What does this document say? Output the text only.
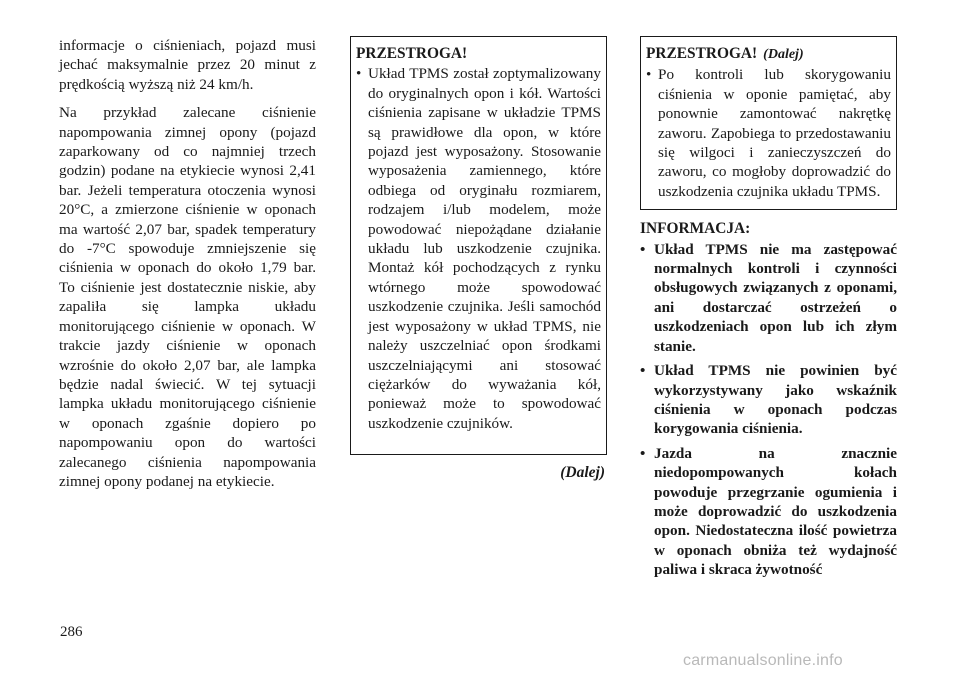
informacje o ciśnieniach, pojazd musi jechać maksymalnie przez 20 minut z prędkością wyższą niż 24 km/h.

Na przykład zalecane ciśnienie napompowania zimnej opony (pojazd zaparkowany od co najmniej trzech godzin) podane na etykiecie wynosi 2,41 bar. Jeżeli temperatura otoczenia wynosi 20°C, a zmierzone ciśnienie w oponach ma wartość 2,07 bar, spadek temperatury do -7°C spowoduje zmniejszenie się ciśnienia w oponach do około 1,79 bar. To ciśnienie jest dostatecznie niskie, aby zapaliła się lampka układu monitorującego ciśnienie w oponach. W trakcie jazdy ciśnienie w oponach wzrośnie do około 2,07 bar, ale lampka będzie nadal świecić. W tej sytuacji lampka układu monitorującego ciśnienie w oponach zgaśnie dopiero po napompowaniu opon do wartości zalecanego ciśnienia napompowania zimnej opony podanej na etykiecie.

PRZESTROGA!
• Układ TPMS został zoptymalizowany do oryginalnych opon i kół. Wartości ciśnienia zapisane w układzie TPMS są prawidłowe dla opon, w które pojazd jest wyposażony. Stosowanie wyposażenia zamiennego, które odbiega od oryginału rozmiarem, rodzajem i/lub modelem, może powodować niepożądane działanie układu lub uszkodzenie czujnika. Montaż kół pochodzących z rynku wtórnego może spowodować uszkodzenie czujnika. Jeśli samochód jest wyposażony w układ TPMS, nie należy uszczelniać opon środkami uszczelniającymi ani stosować ciężarków do wyważania kół, ponieważ może to spowodować uszkodzenie czujników.
(Dalej)
PRZESTROGA! (Dalej)
• Po kontroli lub skorygowaniu ciśnienia w oponie pamiętać, aby ponownie zamontować nakrętkę zaworu. Zapobiega to przedostawaniu się wilgoci i zanieczyszczeń do zaworu, co mogłoby doprowadzić do uszkodzenia czujnika układu TPMS.
INFORMACJA:
• Układ TPMS nie ma zastępować normalnych kontroli i czynności obsługowych związanych z oponami, ani dostarczać ostrzeżeń o uszkodzeniach opon lub ich złym stanie.
• Układ TPMS nie powinien być wykorzystywany jako wskaźnik ciśnienia w oponach podczas korygowania ciśnienia.
• Jazda na znacznie niedopompowanych kołach powoduje przegrzanie ogumienia i może doprowadzić do uszkodzenia opon. Niedostateczna ilość powietrza w oponach obniża też wydajność paliwa i skraca żywotność
286
carmanualsonline.info
